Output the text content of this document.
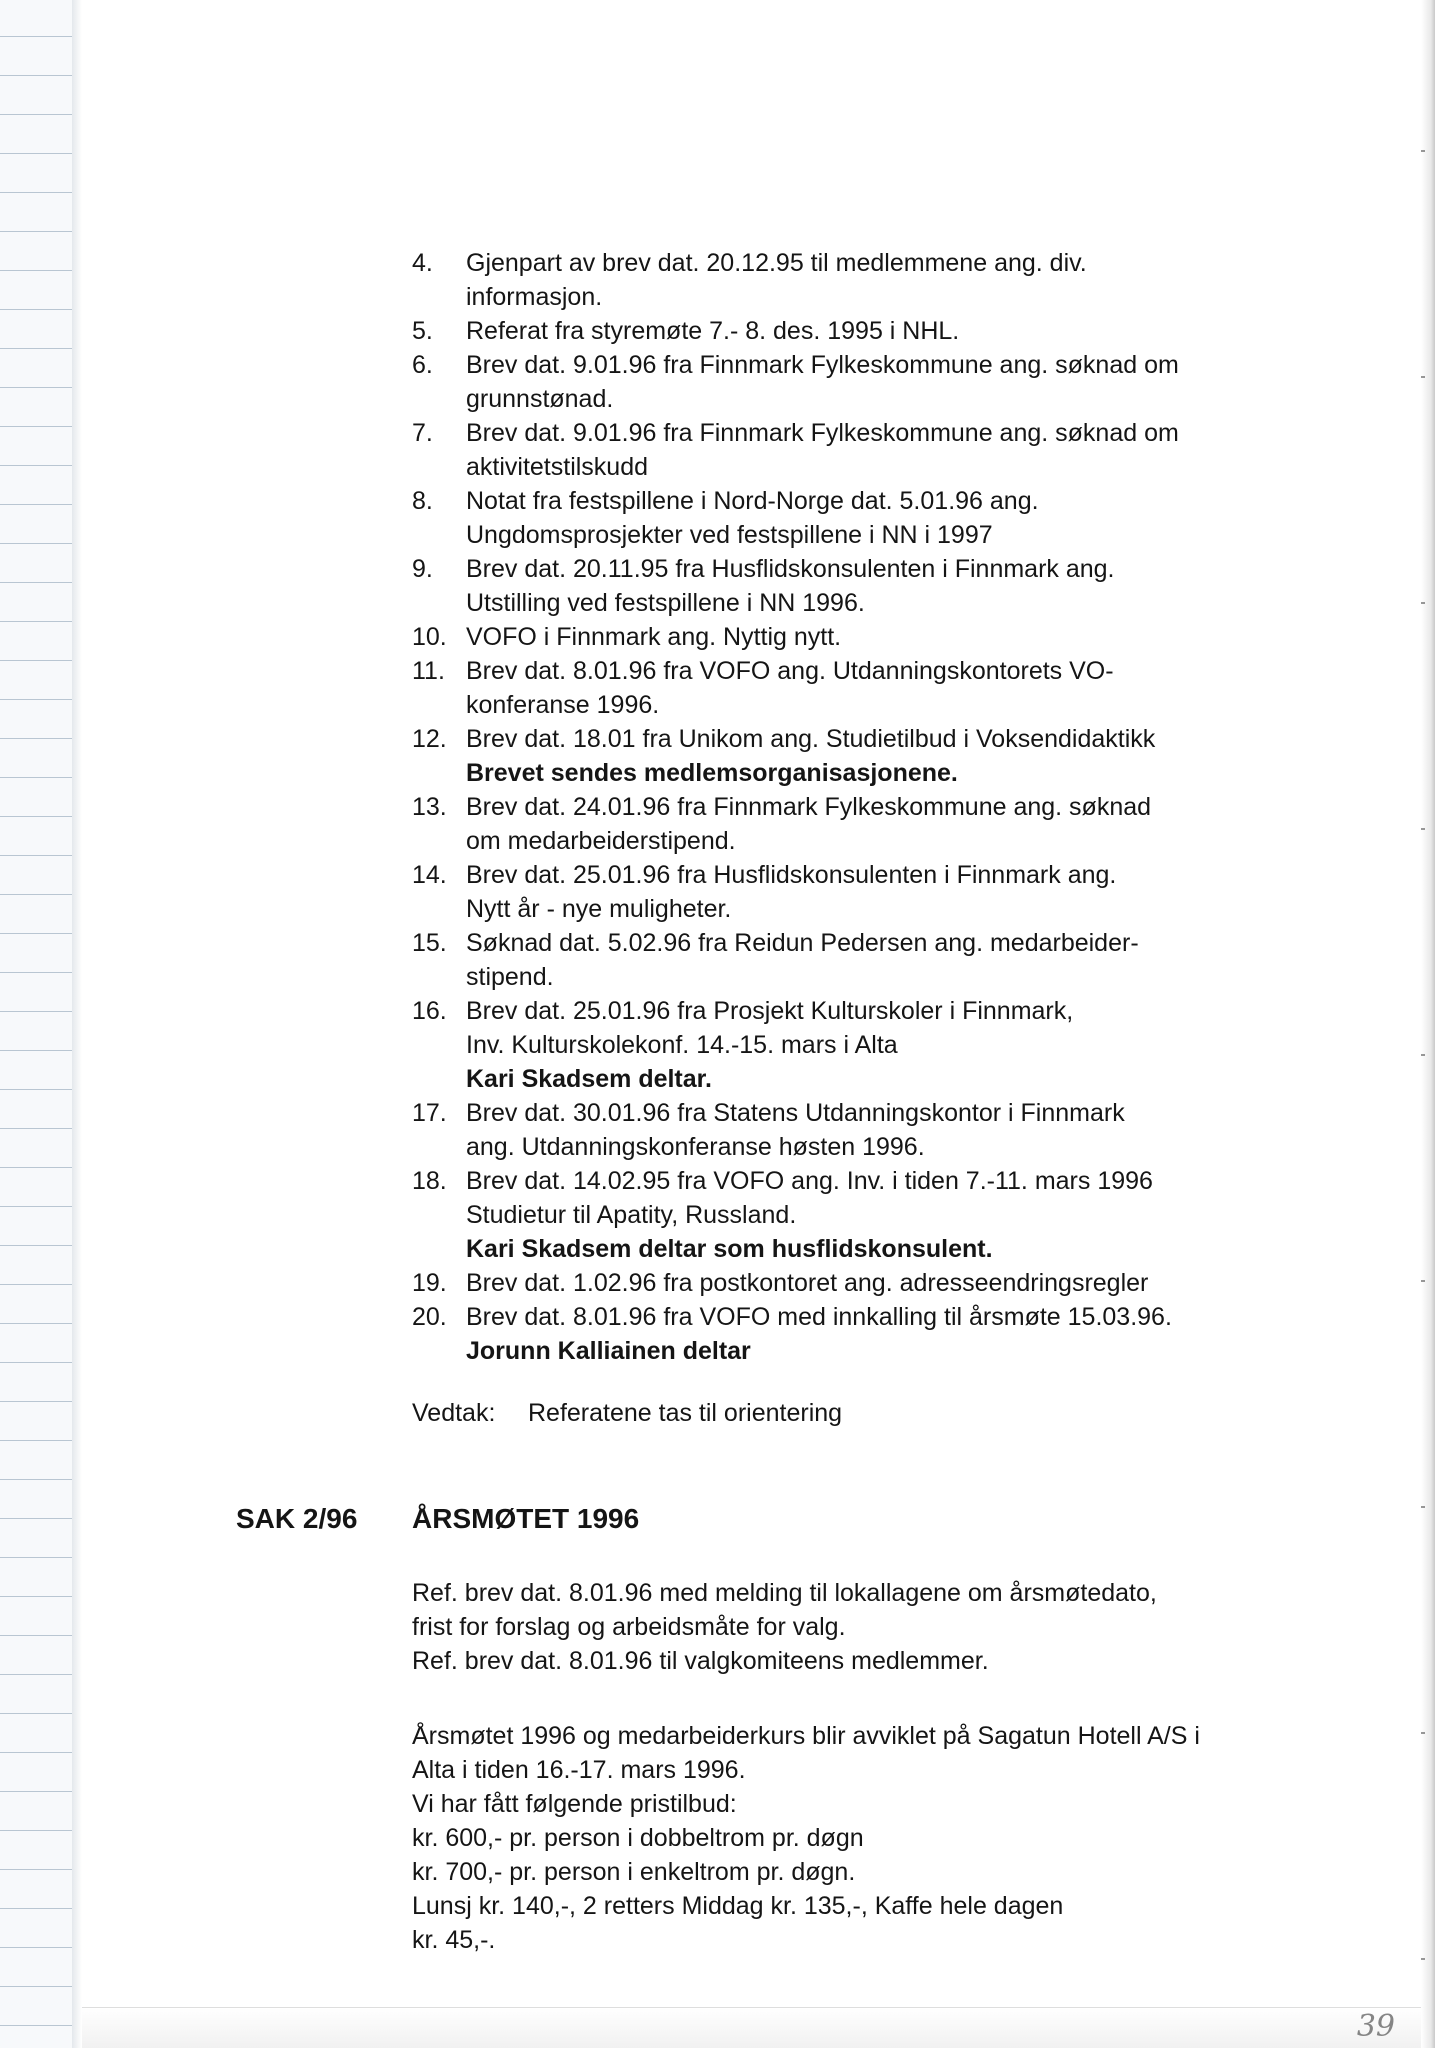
4.	Gjenpart av brev dat. 20.12.95 til medlemmene ang. div.
informasjon.
5.	Referat fra styremøte 7.- 8. des. 1995 i NHL.
6.	Brev dat. 9.01.96 fra Finnmark Fylkeskommune ang. søknad om
grunnstønad.
7.	Brev dat. 9.01.96 fra Finnmark Fylkeskommune ang. søknad om
aktivitetstilskudd
8.	Notat fra festspillene i Nord-Norge dat. 5.01.96 ang.
Ungdomsprosjekter ved festspillene i NN i 1997
9.	Brev dat. 20.11.95 fra Husflidskonsulenten i Finnmark ang.
Utstilling ved festspillene i NN 1996.
10. VOFO i Finnmark ang. Nyttig nytt.
11. Brev dat. 8.01.96 fra VOFO ang. Utdanningskontorets VO-
konferanse 1996.
12. Brev dat. 18.01 fra Unikom ang. Studietilbud i Voksendidaktikk
Brevet sendes medlemsorganisasjonene.
13. Brev dat. 24.01.96 fra Finnmark Fylkeskommune ang. søknad
om medarbeiderstipend.
14. Brev dat. 25.01.96 fra Husflidskonsulenten i Finnmark ang.
Nytt år - nye muligheter.
15. Søknad dat. 5.02.96 fra Reidun Pedersen ang. medarbeider-
stipend.
16. Brev dat. 25.01.96 fra Prosjekt Kulturskoler i Finnmark,
Inv. Kulturskolekonf. 14.-15. mars i Alta
Kari Skadsem deltar.
17. Brev dat. 30.01.96 fra Statens Utdanningskontor i Finnmark
ang. Utdanningskonferanse høsten 1996.
18. Brev dat. 14.02.95 fra VOFO ang. Inv. i tiden 7.-11. mars 1996
Studietur til Apatity, Russland.
Kari Skadsem deltar som husflidskonsulent.
19. Brev dat. 1.02.96 fra postkontoret ang. adresseendringsregler
20. Brev dat. 8.01.96 fra VOFO med innkalling til årsmøte 15.03.96.
Jorunn Kalliainen deltar
Vedtak: Referatene tas til orientering
SAK 2/96 ÅRSMØTET 1996

Ref. brev dat. 8.01.96 med melding til lokallagene om årsmøtedato,
frist for forslag og arbeidsmåte for valg.
Ref. brev dat. 8.01.96 til valgkomiteens medlemmer.

Årsmøtet 1996 og medarbeiderkurs blir avviklet på Sagatun Hotell A/S i
Alta i tiden 16.-17. mars 1996.
Vi har fått følgende pristilbud:
kr. 600,- pr. person i dobbeltrom pr. døgn
kr. 700,- pr. person i enkeltrom pr. døgn.
Lunsj kr. 140,-, 2 retters Middag kr. 135,-, Kaffe hele dagen
kr. 45,-.

39
